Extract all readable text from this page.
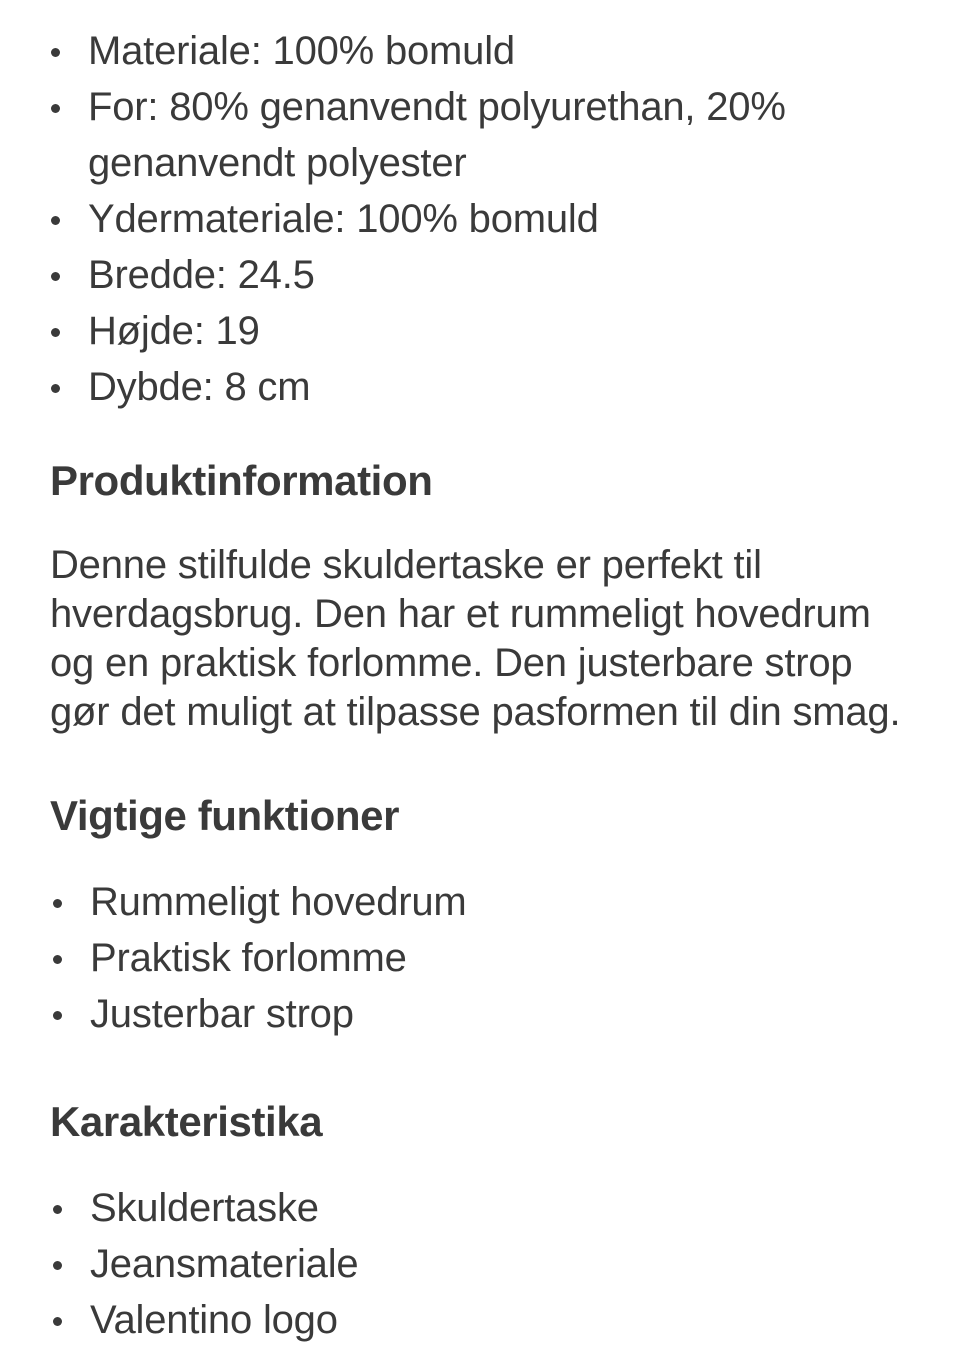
Materiale: 100% bomuld
For: 80% genanvendt polyurethan, 20% genanvendt polyester
Ydermateriale: 100% bomuld
Bredde: 24.5
Højde: 19
Dybde: 8 cm
Produktinformation

Denne stilfulde skuldertaske er perfekt til hverdagsbrug. Den har et rummeligt hovedrum og en praktisk forlomme. Den justerbare strop gør det muligt at tilpasse pasformen til din smag.

Vigtige funktioner
Rummeligt hovedrum
Praktisk forlomme
Justerbar strop
Karakteristika
Skuldertaske
Jeansmateriale
Valentino logo
